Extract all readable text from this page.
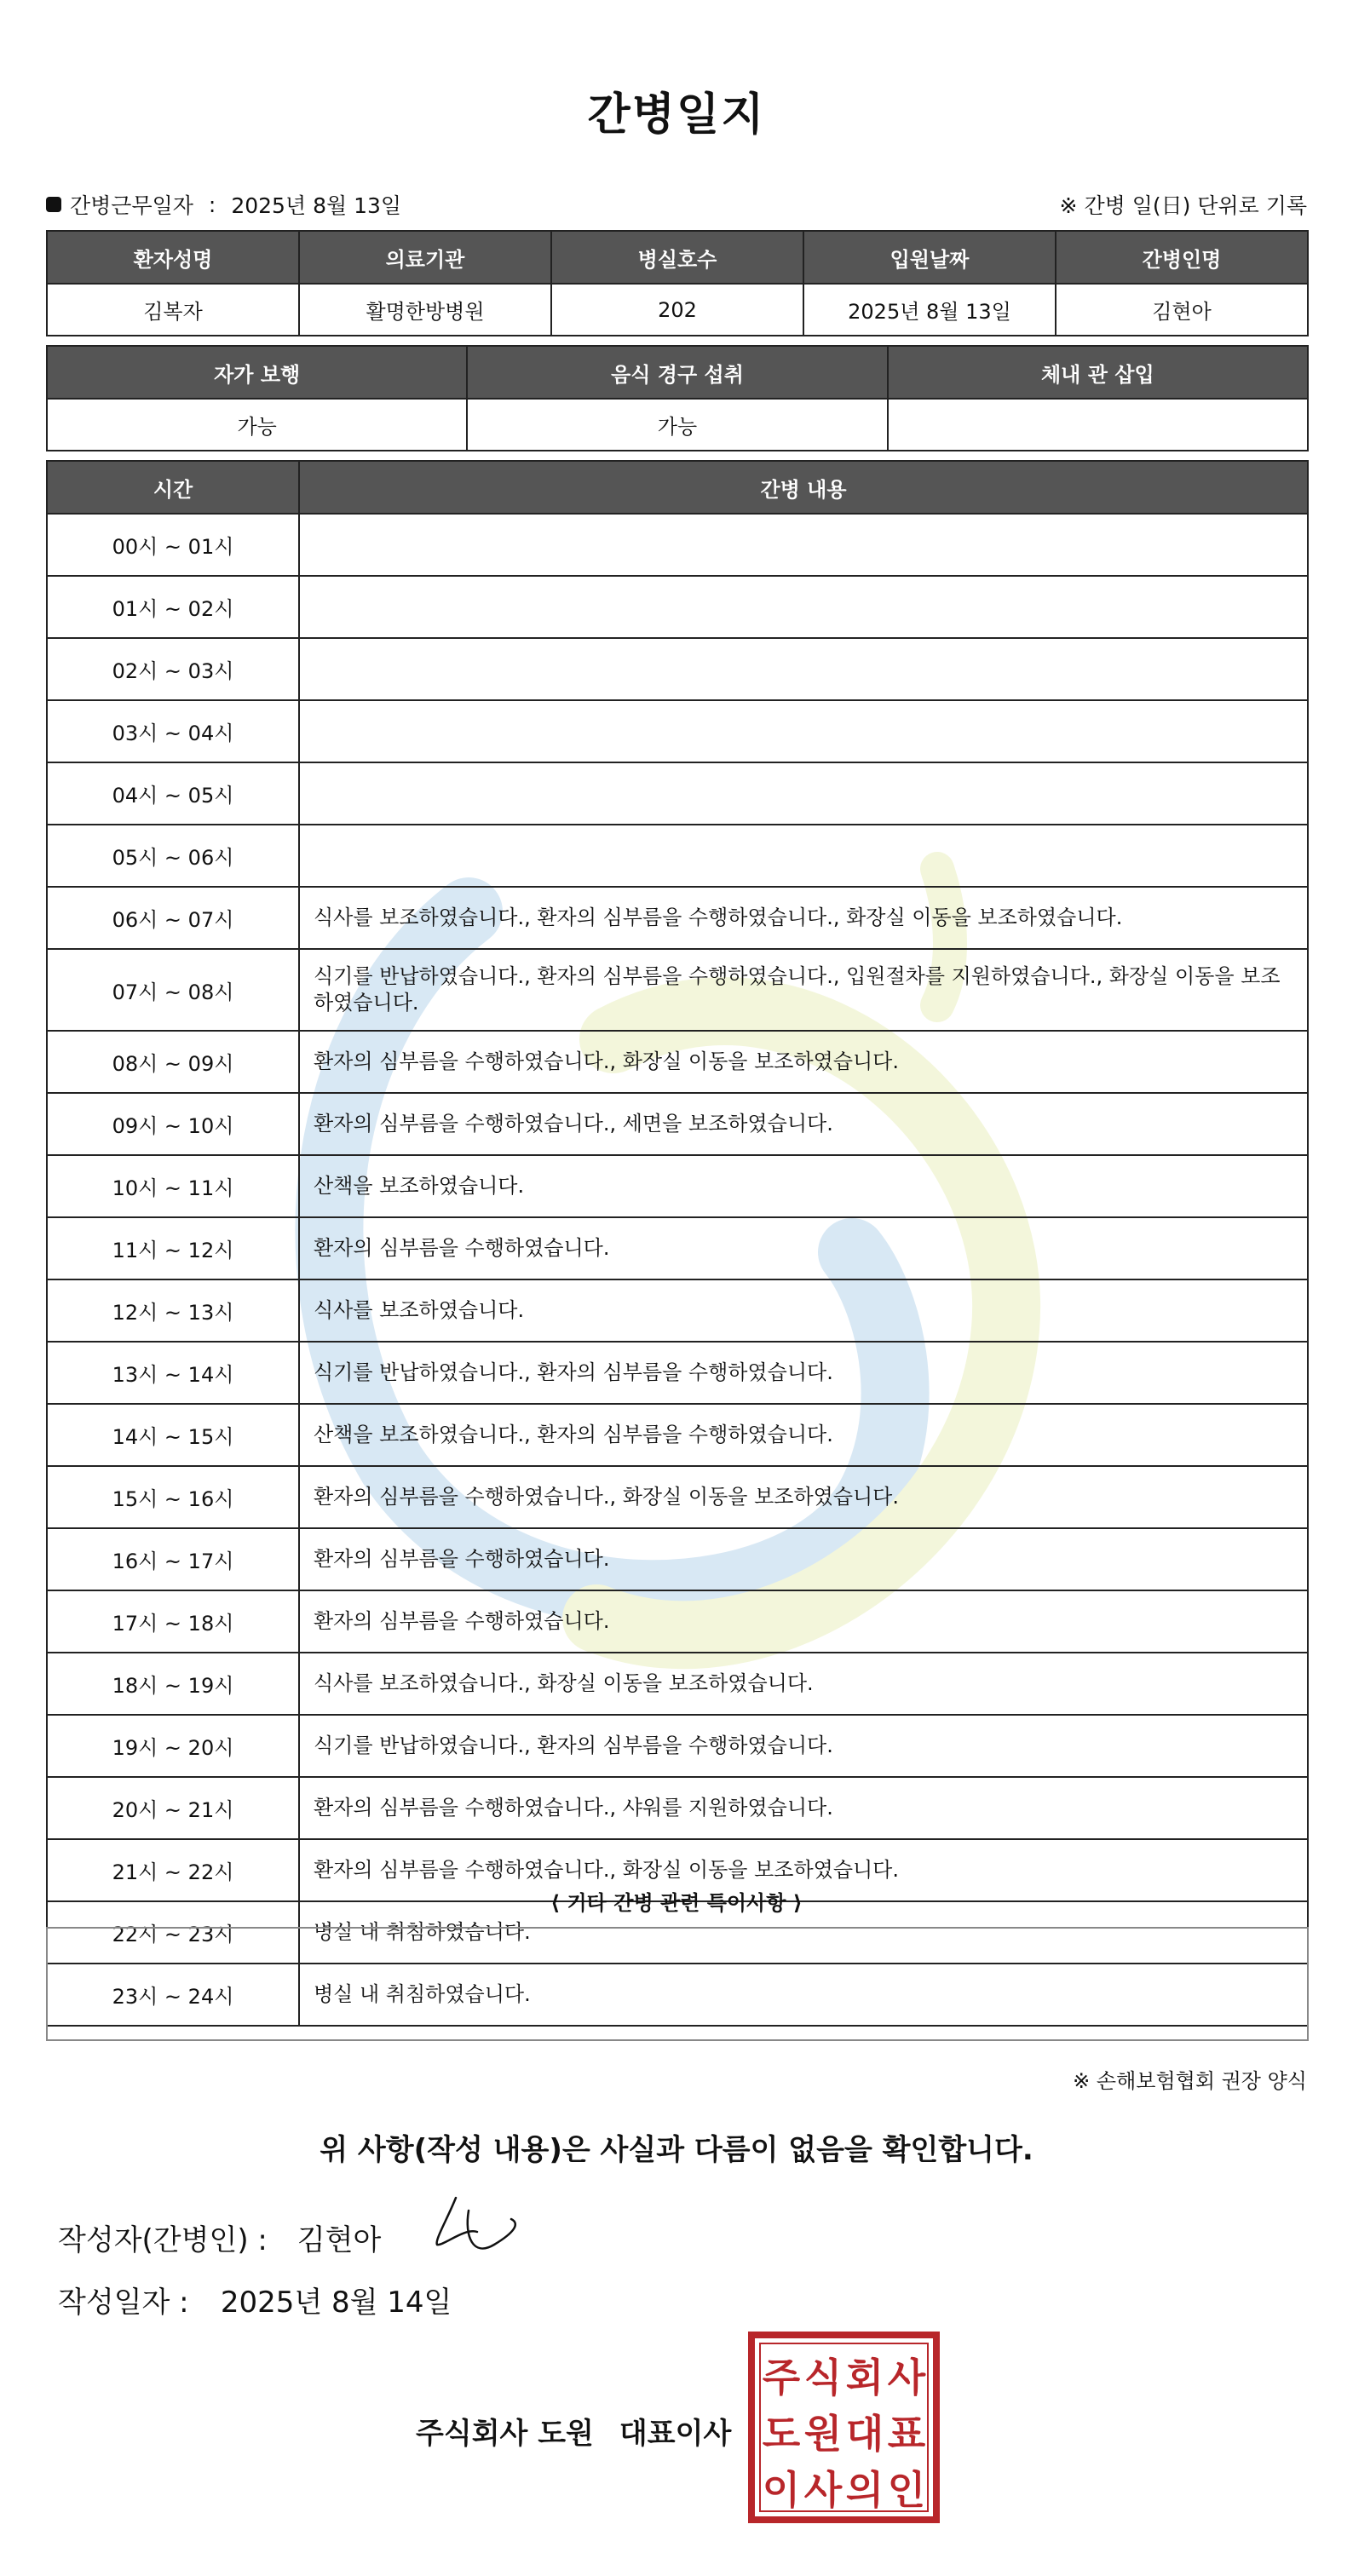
간병일지
간병근무일자 : 2025년 8월 13일	※ 간병 일(日) 단위로 기록
환자성명	의료기관	병실호수	입원날짜	간병인명
김복자	활명한방병원	202	2025년 8월 13일	김현아
자가 보행	음식 경구 섭취	체내 관 삽입
가능	가능	
시간	간병 내용
00시 ~ 01시	
01시 ~ 02시	
02시 ~ 03시	
03시 ~ 04시	
04시 ~ 05시	
05시 ~ 06시	
06시 ~ 07시	식사를 보조하였습니다., 환자의 심부름을 수행하였습니다., 화장실 이동을 보조하였습니다.
07시 ~ 08시	식기를 반납하였습니다., 환자의 심부름을 수행하였습니다., 입원절차를 지원하였습니다., 화장실 이동을 보조하였습니다.
08시 ~ 09시	환자의 심부름을 수행하였습니다., 화장실 이동을 보조하였습니다.
09시 ~ 10시	환자의 심부름을 수행하였습니다., 세면을 보조하였습니다.
10시 ~ 11시	산책을 보조하였습니다.
11시 ~ 12시	환자의 심부름을 수행하였습니다.
12시 ~ 13시	식사를 보조하였습니다.
13시 ~ 14시	식기를 반납하였습니다., 환자의 심부름을 수행하였습니다.
14시 ~ 15시	산책을 보조하였습니다., 환자의 심부름을 수행하였습니다.
15시 ~ 16시	환자의 심부름을 수행하였습니다., 화장실 이동을 보조하였습니다.
16시 ~ 17시	환자의 심부름을 수행하였습니다.
17시 ~ 18시	환자의 심부름을 수행하였습니다.
18시 ~ 19시	식사를 보조하였습니다., 화장실 이동을 보조하였습니다.
19시 ~ 20시	식기를 반납하였습니다., 환자의 심부름을 수행하였습니다.
20시 ~ 21시	환자의 심부름을 수행하였습니다., 샤워를 지원하였습니다.
21시 ~ 22시	환자의 심부름을 수행하였습니다., 화장실 이동을 보조하였습니다.
22시 ~ 23시	병실 내 취침하였습니다.
23시 ~ 24시	병실 내 취침하였습니다.
⟨ 기타 간병 관련 특이사항 ⟩
※ 손해보험협회 권장 양식
위 사항(작성 내용)은 사실과 다름이 없음을 확인합니다.
작성자(간병인) : 김현아
작성일자 : 2025년 8월 14일
주식회사 도원 대표이사
주 식 회 사
도 원 대 표
이 사 의 인
